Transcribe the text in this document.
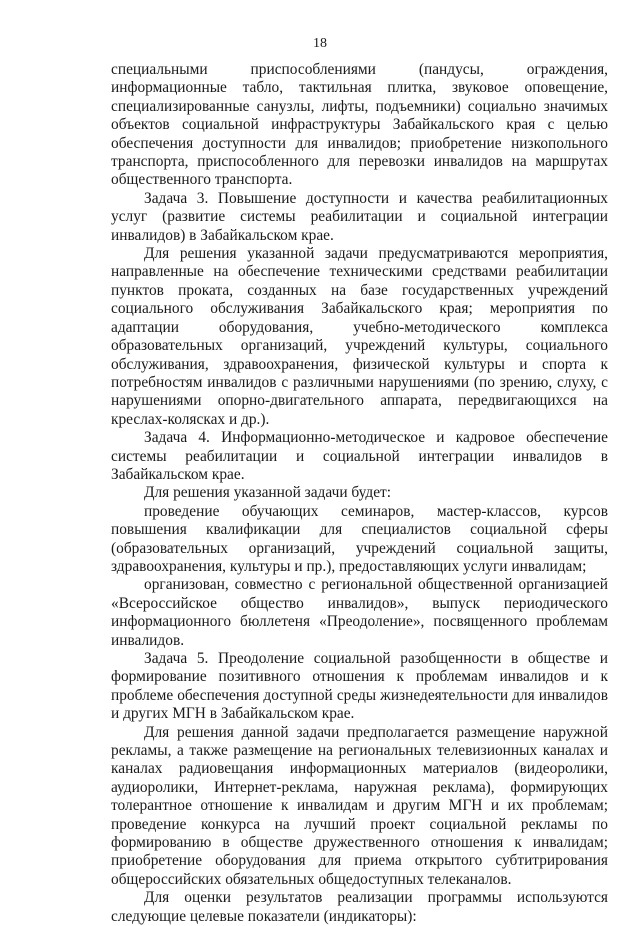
18

специальными приспособлениями (пандусы, ограждения, информационные табло, тактильная плитка, звуковое оповещение, специализированные санузлы, лифты, подъемники) социально значимых объектов социальной инфраструктуры Забайкальского края с целью обеспечения доступности для инвалидов; приобретение низкопольного транспорта, приспособленного для перевозки инвалидов на маршрутах общественного транспорта.

Задача 3. Повышение доступности и качества реабилитационных услуг (развитие системы реабилитации и социальной интеграции инвалидов) в Забайкальском крае.

Для решения указанной задачи предусматриваются мероприятия, направленные на обеспечение техническими средствами реабилитации пунктов проката, созданных на базе государственных учреждений социального обслуживания Забайкальского края; мероприятия по адаптации оборудования, учебно-методического комплекса образовательных организаций, учреждений культуры, социального обслуживания, здравоохранения, физической культуры и спорта к потребностям инвалидов с различными нарушениями (по зрению, слуху, с нарушениями опорно-двигательного аппарата, передвигающихся на креслах-колясках и др.).

Задача 4. Информационно-методическое и кадровое обеспечение системы реабилитации и социальной интеграции инвалидов в Забайкальском крае.

Для решения указанной задачи будет:

проведение обучающих семинаров, мастер-классов, курсов повышения квалификации для специалистов социальной сферы (образовательных организаций, учреждений социальной защиты, здравоохранения, культуры и пр.), предоставляющих услуги инвалидам;

организован, совместно с региональной общественной организацией «Всероссийское общество инвалидов», выпуск периодического информационного бюллетеня «Преодоление», посвященного проблемам инвалидов.

Задача 5. Преодоление социальной разобщенности в обществе и формирование позитивного отношения к проблемам инвалидов и к проблеме обеспечения доступной среды жизнедеятельности для инвалидов и других МГН в Забайкальском крае.

Для решения данной задачи предполагается размещение наружной рекламы, а также размещение на региональных телевизионных каналах и каналах радиовещания информационных материалов (видеоролики, аудиоролики, Интернет-реклама, наружная реклама), формирующих толерантное отношение к инвалидам и другим МГН и их проблемам; проведение конкурса на лучший проект социальной рекламы по формированию в обществе дружественного отношения к инвалидам; приобретение оборудования для приема открытого субтитрирования общероссийских обязательных общедоступных телеканалов.

Для оценки результатов реализации программы используются следующие целевые показатели (индикаторы):
